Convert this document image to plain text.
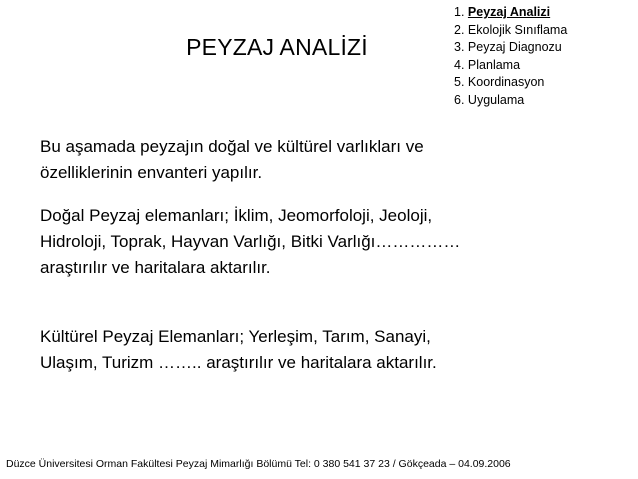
PEYZAJ ANALİZİ
1. Peyzaj Analizi
2. Ekolojik Sınıflama
3. Peyzaj Diagnozu
4. Planlama
5. Koordinasyon
6. Uygulama
Bu aşamada peyzajın doğal ve kültürel varlıkları ve
özelliklerinin envanteri yapılır.
Doğal Peyzaj elemanları; İklim, Jeomorfoloji, Jeoloji,
Hidroloji, Toprak, Hayvan Varlığı, Bitki Varlığı……………
araştırılır ve haritalara aktarılır.
Kültürel Peyzaj Elemanları; Yerleşim, Tarım, Sanayi,
Ulaşım, Turizm …….. araştırılır ve haritalara aktarılır.
Düzce Üniversitesi Orman Fakültesi Peyzaj Mimarlığı Bölümü Tel: 0 380 541 37 23 / Gökçeada – 04.09.2006
